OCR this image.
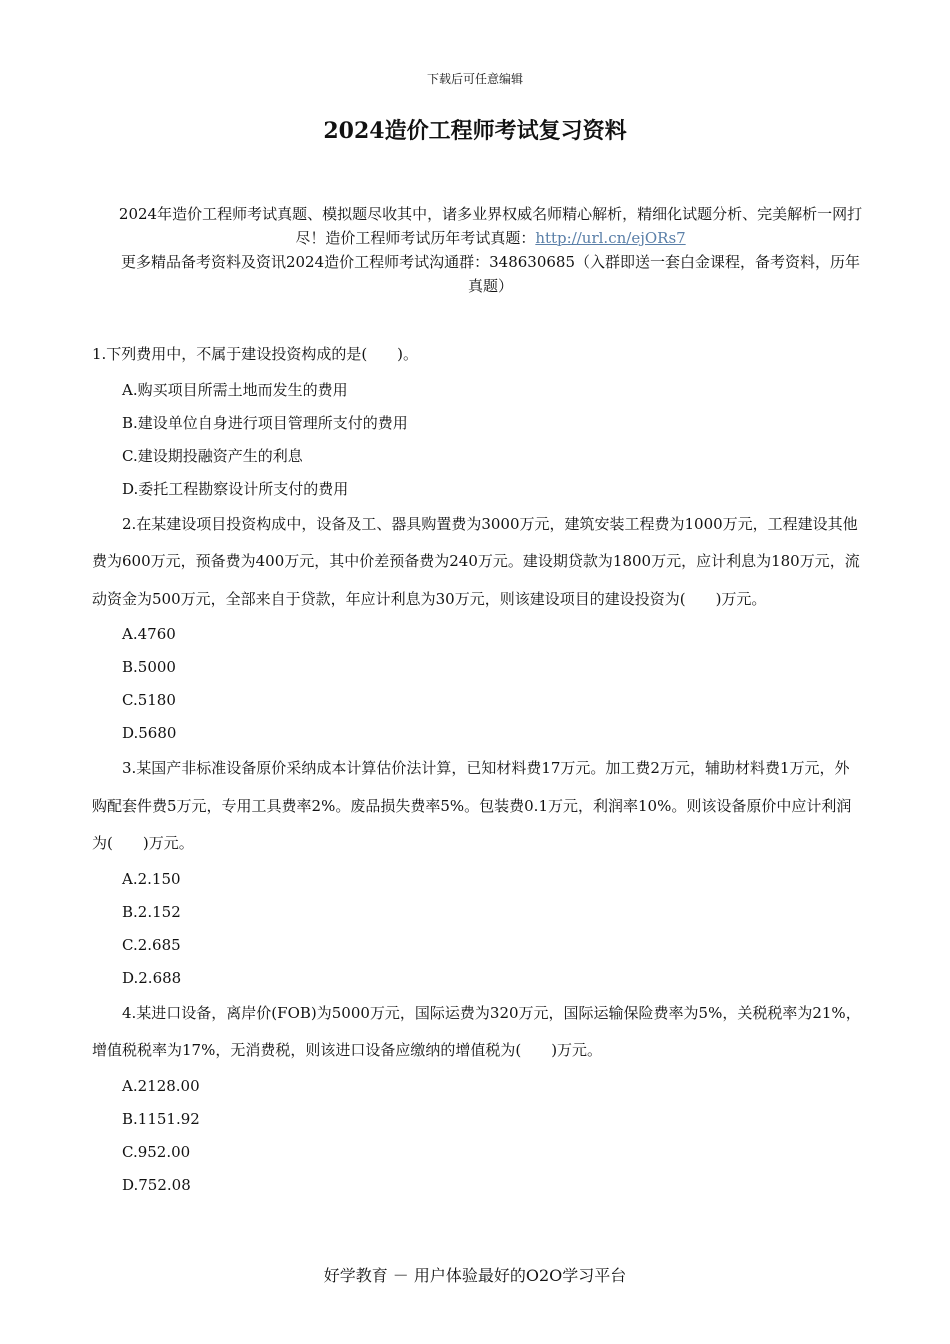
下载后可任意编辑
2024造价工程师考试复习资料
2024年造价工程师考试真题、模拟题尽收其中，诸多业界权威名师精心解析，精细化试题分析、完美解析一网打尽！造价工程师考试历年考试真题：http://url.cn/ejORs7
更多精品备考资料及资讯2024造价工程师考试沟通群：348630685（入群即送一套白金课程，备考资料，历年真题）
1.下列费用中，不属于建设投资构成的是(　　)。
A.购买项目所需土地而发生的费用
B.建设单位自身进行项目管理所支付的费用
C.建设期投融资产生的利息
D.委托工程勘察设计所支付的费用
2.在某建设项目投资构成中，设备及工、器具购置费为3000万元，建筑安装工程费为1000万元，工程建设其他费为600万元，预备费为400万元，其中价差预备费为240万元。建设期贷款为1800万元，应计利息为180万元，流动资金为500万元，全部来自于贷款，年应计利息为30万元，则该建设项目的建设投资为(　　)万元。
A.4760
B.5000
C.5180
D.5680
3.某国产非标准设备原价采纳成本计算估价法计算，已知材料费17万元。加工费2万元，辅助材料费1万元，外购配套件费5万元，专用工具费率2%。废品损失费率5%。包装费0.1万元，利润率10%。则该设备原价中应计利润为(　　)万元。
A.2.150
B.2.152
C.2.685
D.2.688
4.某进口设备，离岸价(FOB)为5000万元，国际运费为320万元，国际运输保险费率为5%，关税税率为21%，增值税税率为17%，无消费税，则该进口设备应缴纳的增值税为(　　)万元。
A.2128.00
B.1151.92
C.952.00
D.752.08
好学教育 － 用户体验最好的O2O学习平台
